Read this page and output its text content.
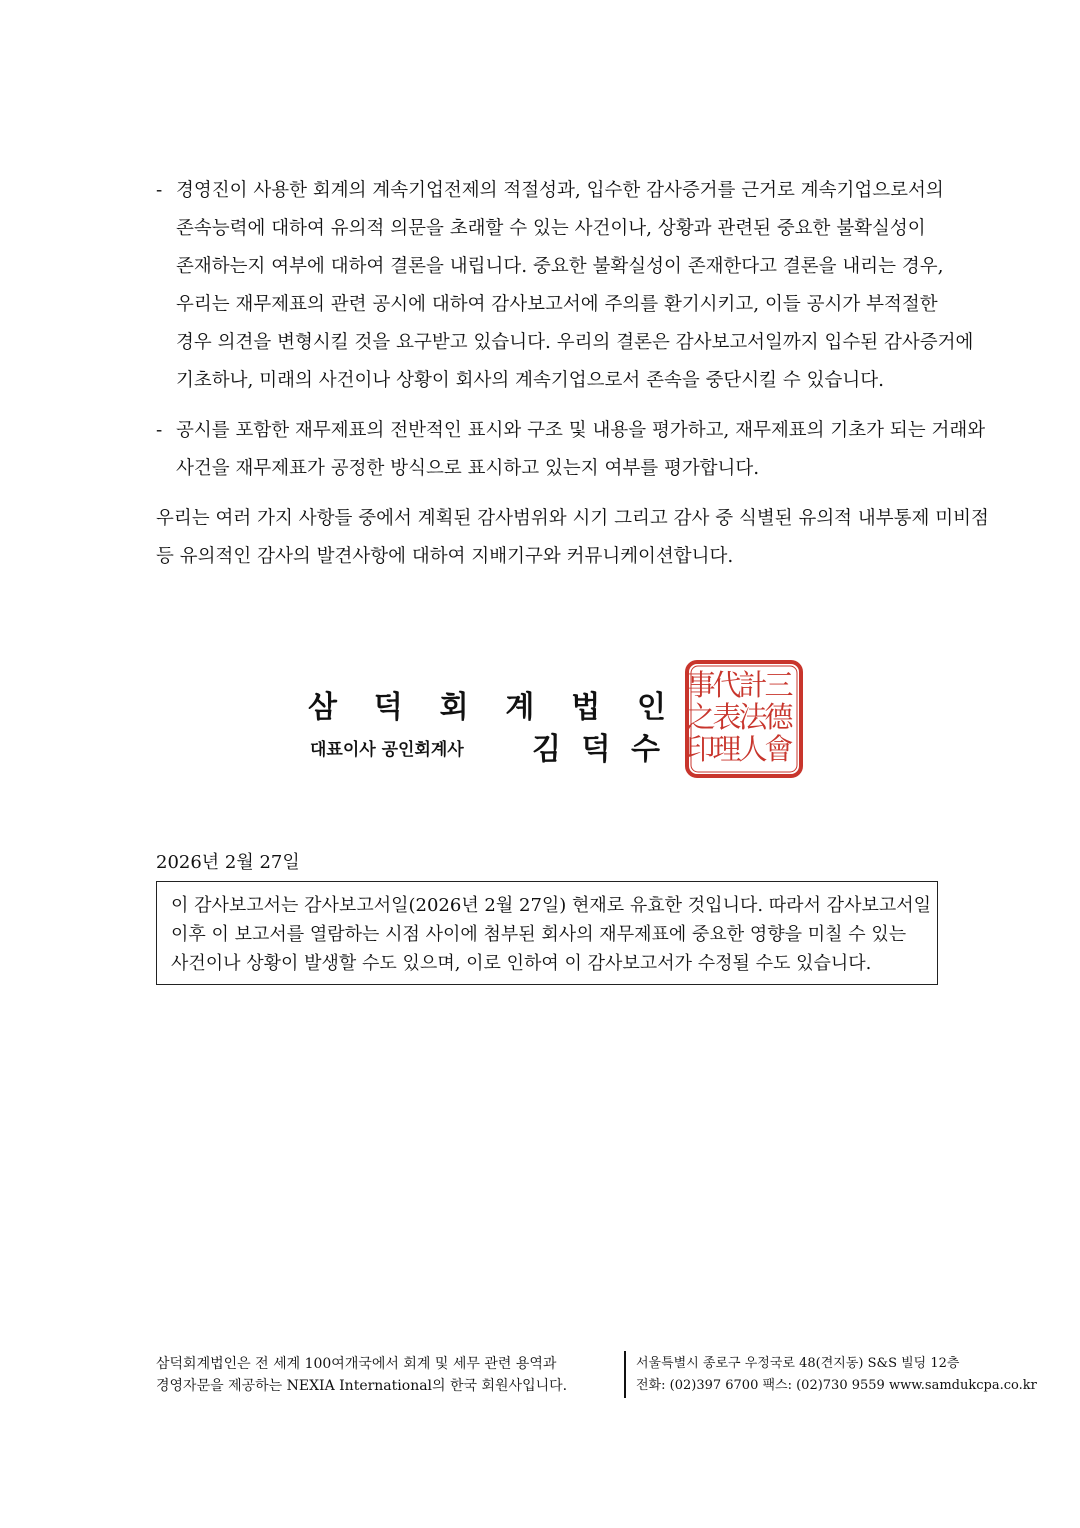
- 경영진이 사용한 회계의 계속기업전제의 적절성과, 입수한 감사증거를 근거로 계속기업으로서의

존속능력에 대하여 유의적 의문을 초래할 수 있는 사건이나, 상황과 관련된 중요한 불확실성이

존재하는지 여부에 대하여 결론을 내립니다. 중요한 불확실성이 존재한다고 결론을 내리는 경우,

우리는 재무제표의 관련 공시에 대하여 감사보고서에 주의를 환기시키고, 이들 공시가 부적절한

경우 의견을 변형시킬 것을 요구받고 있습니다. 우리의 결론은 감사보고서일까지 입수된 감사증거에

기초하나, 미래의 사건이나 상황이 회사의 계속기업으로서 존속을 중단시킬 수 있습니다.

- 공시를 포함한 재무제표의 전반적인 표시와 구조 및 내용을 평가하고, 재무제표의 기초가 되는 거래와

사건을 재무제표가 공정한 방식으로 표시하고 있는지 여부를 평가합니다.

우리는 여러 가지 사항들 중에서 계획된 감사범위와 시기 그리고 감사 중 식별된 유의적 내부통제 미비점

등 유의적인 감사의 발견사항에 대하여 지배기구와 커뮤니케이션합니다.

삼 덕 회 계 법 인
대표이사 공인회계사 김 덕 수
三
德
會
計
法
人
代
表
理
事
之
印
2026년 2월 27일

이 감사보고서는 감사보고서일(2026년 2월 27일) 현재로 유효한 것입니다. 따라서 감사보고서일

이후 이 보고서를 열람하는 시점 사이에 첨부된 회사의 재무제표에 중요한 영향을 미칠 수 있는

사건이나 상황이 발생할 수도 있으며, 이로 인하여 이 감사보고서가 수정될 수도 있습니다.

삼덕회계법인은 전 세계 100여개국에서 회계 및 세무 관련 용역과

경영자문을 제공하는 NEXIA International의 한국 회원사입니다.

서울특별시 종로구 우정국로 48(견지동) S&S 빌딩 12층

전화: (02)397 6700 팩스: (02)730 9559 www.samdukcpa.co.kr
